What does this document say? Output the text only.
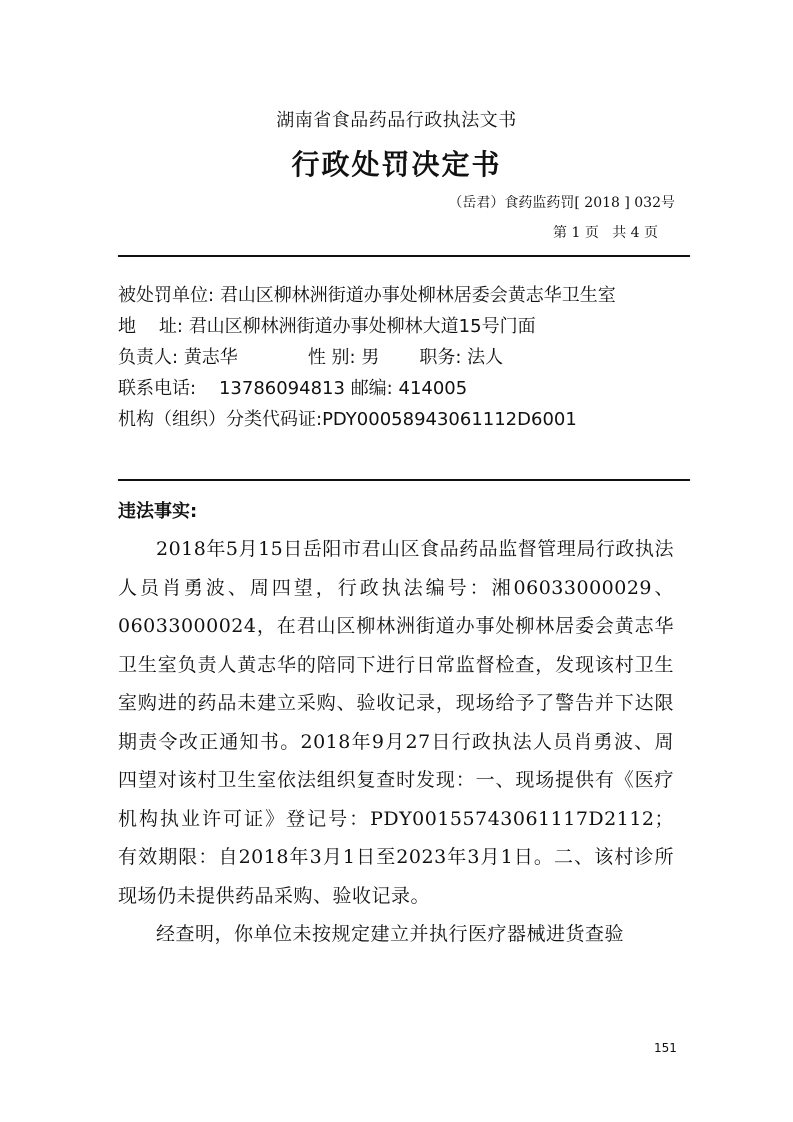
湖南省食品药品行政执法文书
行政处罚决定书
（岳君）食药监药罚[ 2018 ] 032号
第 1 页   共 4 页
被处罚单位: 君山区柳林洲街道办事处柳林居委会黄志华卫生室
地    址: 君山区柳林洲街道办事处柳林大道15号门面
负责人: 黄志华	性 别: 男 职务: 法人
联系电话: 13786094813 邮编: 414005
机构（组织）分类代码证:PDY00058943061112D6001
违法事实:

2018年5月15日岳阳市君山区食品药品监督管理局行政执法人员肖勇波、周四望，行政执法编号：湘06033000029、06033000024，在君山区柳林洲街道办事处柳林居委会黄志华卫生室负责人黄志华的陪同下进行日常监督检查，发现该村卫生室购进的药品未建立采购、验收记录，现场给予了警告并下达限期责令改正通知书。2018年9月27日行政执法人员肖勇波、周四望对该村卫生室依法组织复查时发现：一、现场提供有《医疗机构执业许可证》登记号：PDY00155743061117D2112；有效期限：自2018年3月1日至2023年3月1日。二、该村诊所现场仍未提供药品采购、验收记录。

经查明，你单位未按规定建立并执行医疗器械进货查验

151
